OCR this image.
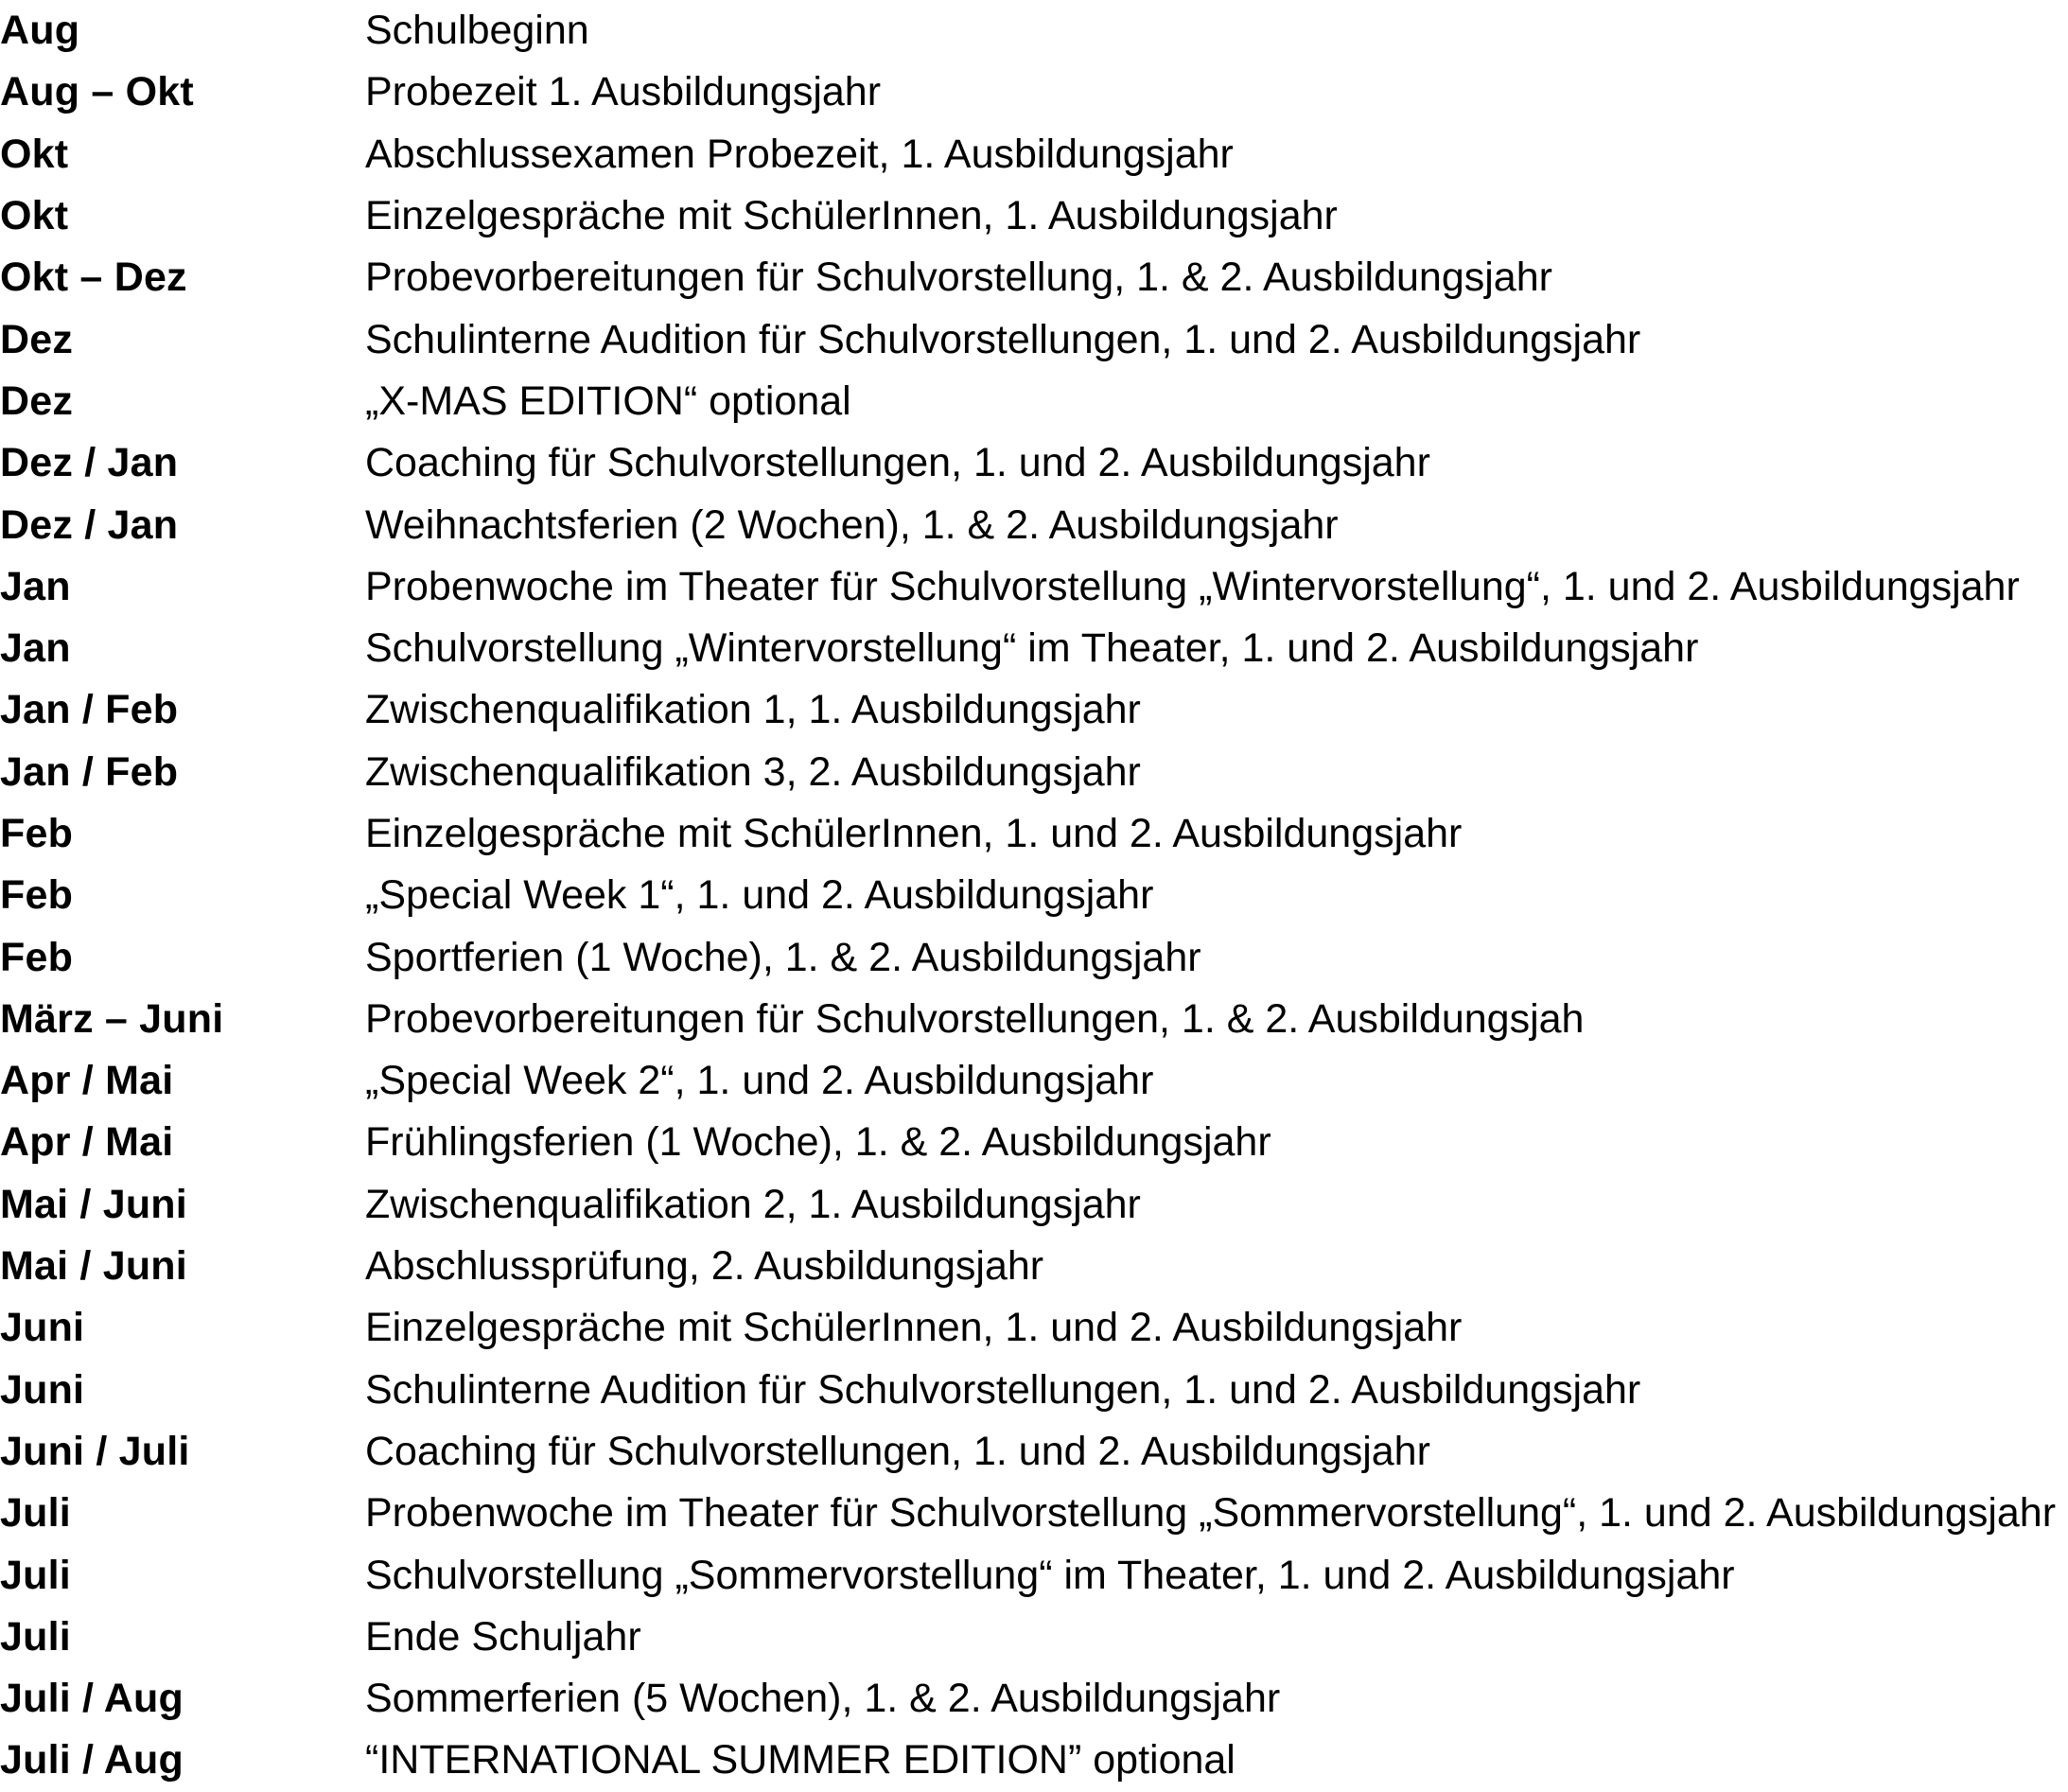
Aug	Schulbeginn
Aug – Okt	Probezeit 1. Ausbildungsjahr
Okt	Abschlussexamen Probezeit, 1. Ausbildungsjahr
Okt	Einzelgespräche mit SchülerInnen, 1. Ausbildungsjahr
Okt – Dez	Probevorbereitungen für Schulvorstellung, 1. & 2. Ausbildungsjahr
Dez	Schulinterne Audition für Schulvorstellungen, 1. und 2. Ausbildungsjahr
Dez	„X-MAS EDITION“ optional
Dez / Jan	Coaching für Schulvorstellungen, 1. und 2. Ausbildungsjahr
Dez / Jan	Weihnachtsferien (2 Wochen), 1. & 2. Ausbildungsjahr
Jan	Probenwoche im Theater für Schulvorstellung „Wintervorstellung“, 1. und 2. Ausbildungsjahr
Jan	Schulvorstellung „Wintervorstellung“ im Theater, 1. und 2. Ausbildungsjahr
Jan / Feb	Zwischenqualifikation 1, 1. Ausbildungsjahr
Jan / Feb	Zwischenqualifikation 3, 2. Ausbildungsjahr
Feb	Einzelgespräche mit SchülerInnen, 1. und 2. Ausbildungsjahr
Feb	„Special Week 1“, 1. und 2. Ausbildungsjahr
Feb	Sportferien (1 Woche), 1. & 2. Ausbildungsjahr
März – Juni	Probevorbereitungen für Schulvorstellungen, 1. & 2. Ausbildungsjah
Apr / Mai	„Special Week 2“, 1. und 2. Ausbildungsjahr
Apr / Mai	Frühlingsferien (1 Woche), 1. & 2. Ausbildungsjahr
Mai / Juni	Zwischenqualifikation 2, 1. Ausbildungsjahr
Mai / Juni	Abschlussprüfung, 2. Ausbildungsjahr
Juni	Einzelgespräche mit SchülerInnen, 1. und 2. Ausbildungsjahr
Juni	Schulinterne Audition für Schulvorstellungen, 1. und 2. Ausbildungsjahr
Juni / Juli	Coaching für Schulvorstellungen, 1. und 2. Ausbildungsjahr
Juli	Probenwoche im Theater für Schulvorstellung „Sommervorstellung“, 1. und 2. Ausbildungsjahr
Juli	Schulvorstellung „Sommervorstellung“ im Theater, 1. und 2. Ausbildungsjahr
Juli	Ende Schuljahr
Juli / Aug	Sommerferien (5 Wochen), 1. & 2. Ausbildungsjahr
Juli / Aug	“INTERNATIONAL SUMMER EDITION” optional
